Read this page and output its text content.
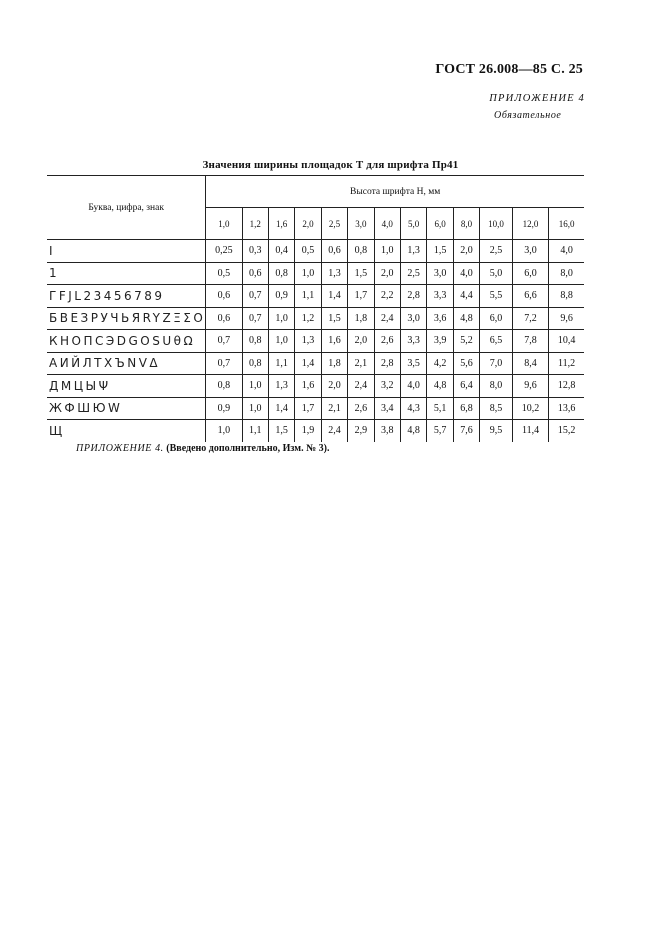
ГОСТ 26.008—85 С. 25
ПРИЛОЖЕНИЕ 4
Обязательное
Значения ширины площадок T для шрифта Пр41
Буква, цифра, знак	Высота шрифта H, мм												
	1,0	1,2	1,6	2,0	2,5	3,0	4,0	5,0	6,0	8,0	10,0	12,0	16,0
I	0,25	0,3	0,4	0,5	0,6	0,8	1,0	1,3	1,5	2,0	2,5	3,0	4,0
1	0,5	0,6	0,8	1,0	1,3	1,5	2,0	2,5	3,0	4,0	5,0	6,0	8,0
ГFJL23456789	0,6	0,7	0,9	1,1	1,4	1,7	2,2	2,8	3,3	4,4	5,5	6,6	8,8
БВЕЗРУЧЬЯRYZΞΣΟ	0,6	0,7	1,0	1,2	1,5	1,8	2,4	3,0	3,6	4,8	6,0	7,2	9,6
КНОПСЭDGOSUθΩ	0,7	0,8	1,0	1,3	1,6	2,0	2,6	3,3	3,9	5,2	6,5	7,8	10,4
АИЙЛТХЪNVΔ	0,7	0,8	1,1	1,4	1,8	2,1	2,8	3,5	4,2	5,6	7,0	8,4	11,2
ДМЦЫΨ	0,8	1,0	1,3	1,6	2,0	2,4	3,2	4,0	4,8	6,4	8,0	9,6	12,8
ЖФШЮW	0,9	1,0	1,4	1,7	2,1	2,6	3,4	4,3	5,1	6,8	8,5	10,2	13,6
Щ	1,0	1,1	1,5	1,9	2,4	2,9	3,8	4,8	5,7	7,6	9,5	11,4	15,2
ПРИЛОЖЕНИЕ 4. (Введено дополнительно, Изм. № 3).
